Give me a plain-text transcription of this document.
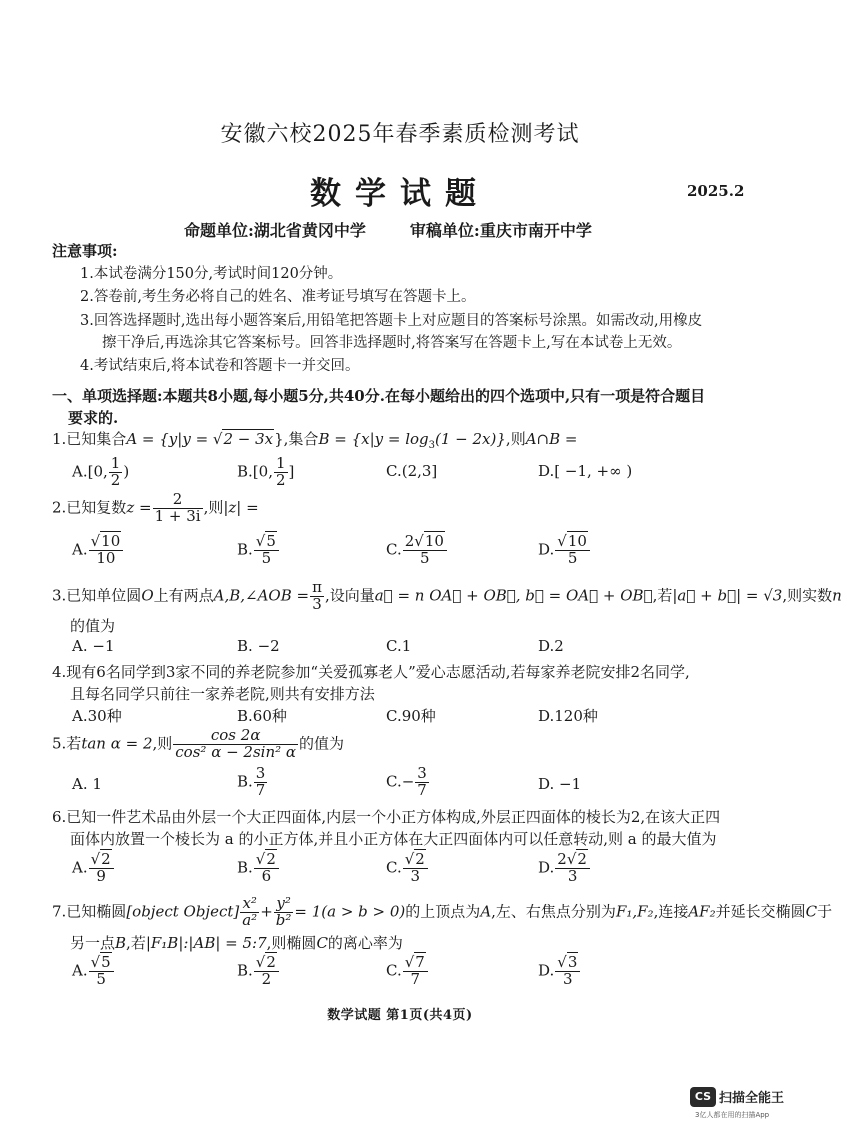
安徽六校2025年春季素质检测考试
数学试题	2025.2
命题单位:湖北省黄冈中学	审稿单位:重庆市南开中学
注意事项:
1.本试卷满分150分,考试时间120分钟。
2.答卷前,考生务必将自己的姓名、准考证号填写在答题卡上。
3.回答选择题时,选出每小题答案后,用铅笔把答题卡上对应题目的答案标号涂黑。如需改动,用橡皮
擦干净后,再选涂其它答案标号。回答非选择题时,将答案写在答题卡上,写在本试卷上无效。
4.考试结束后,将本试卷和答题卡一并交回。
一、单项选择题:本题共8小题,每小题5分,共40分.在每小题给出的四个选项中,只有一项是符合题目
要求的.
1.已知集合A = {y|y = √2 − 3x},集合$B = \{x|y = \log_3(1 - 2x)\}$,则A∩B =
A.[0, $\frac{1}{2}$ )	B.[0, $\frac{1}{2}$ ]	C.(2,3]	D.[ −1, +∞ )
2.已知复数$z = \frac{2}{1 + 3i}$ ,则|z| =
A. $\frac{√10}{10}$	B. $\frac{√5}{5}$	C. $\frac{2√10}{5}$	D. $\frac{√10}{5}$
3.已知单位圆O上有两点A,B,∠AOB = $\frac{\pi}{3}$ ,设向量a⃗ = n OA⃗ + OB⃗, b⃗ = OA⃗ + OB⃗,若|a⃗ + b⃗| = √3,则实数n
的值为
A. −1	B. −2	C.1	D.2
4.现有6名同学到3家不同的养老院参加“关爱孤寡老人”爱心志愿活动,若每家养老院安排2名同学,
且每名同学只前往一家养老院,则共有安排方法
A.30种	B.60种	C.90种	D.120种
5.若tan α = 2,则 $\frac{\cos 2\alpha}{\text{cos² α − 2sin² α}}$ 的值为
A. 1	B. $\frac{3}{7}$	$C.- \frac{3}{7}$	D. −1
6.已知一件艺术品由外层一个大正四面体,内层一个小正方体构成,外层正四面体的棱长为2,在该大正四
面体内放置一个棱长为 a 的小正方体,并且小正方体在大正四面体内可以任意转动,则 a 的最大值为
A. $\frac{√2}{9}$	B. $\frac{√2}{6}$	C. $\frac{√2}{3}$	D. $\frac{2√2}{3}$
7.已知椭圆[object Object] $\frac{\text{x²}}{\text{a²}} + \frac{\text{y²}}{\text{b²}} = 1(a > b > 0)$的上顶点为A,左、右焦点分别为F₁,F₂,连接AF₂并延长交椭圆C于
另一点B,若|F₁B|:|AB| = 5:7,则椭圆C的离心率为
A. $\frac{√5}{5}$	B. $\frac{√2}{2}$	C. $\frac{√7}{7}$	D. $\frac{√3}{3}$
数学试题 第1页(共4页)
CS 扫描全能王
3亿人都在用的扫描App
